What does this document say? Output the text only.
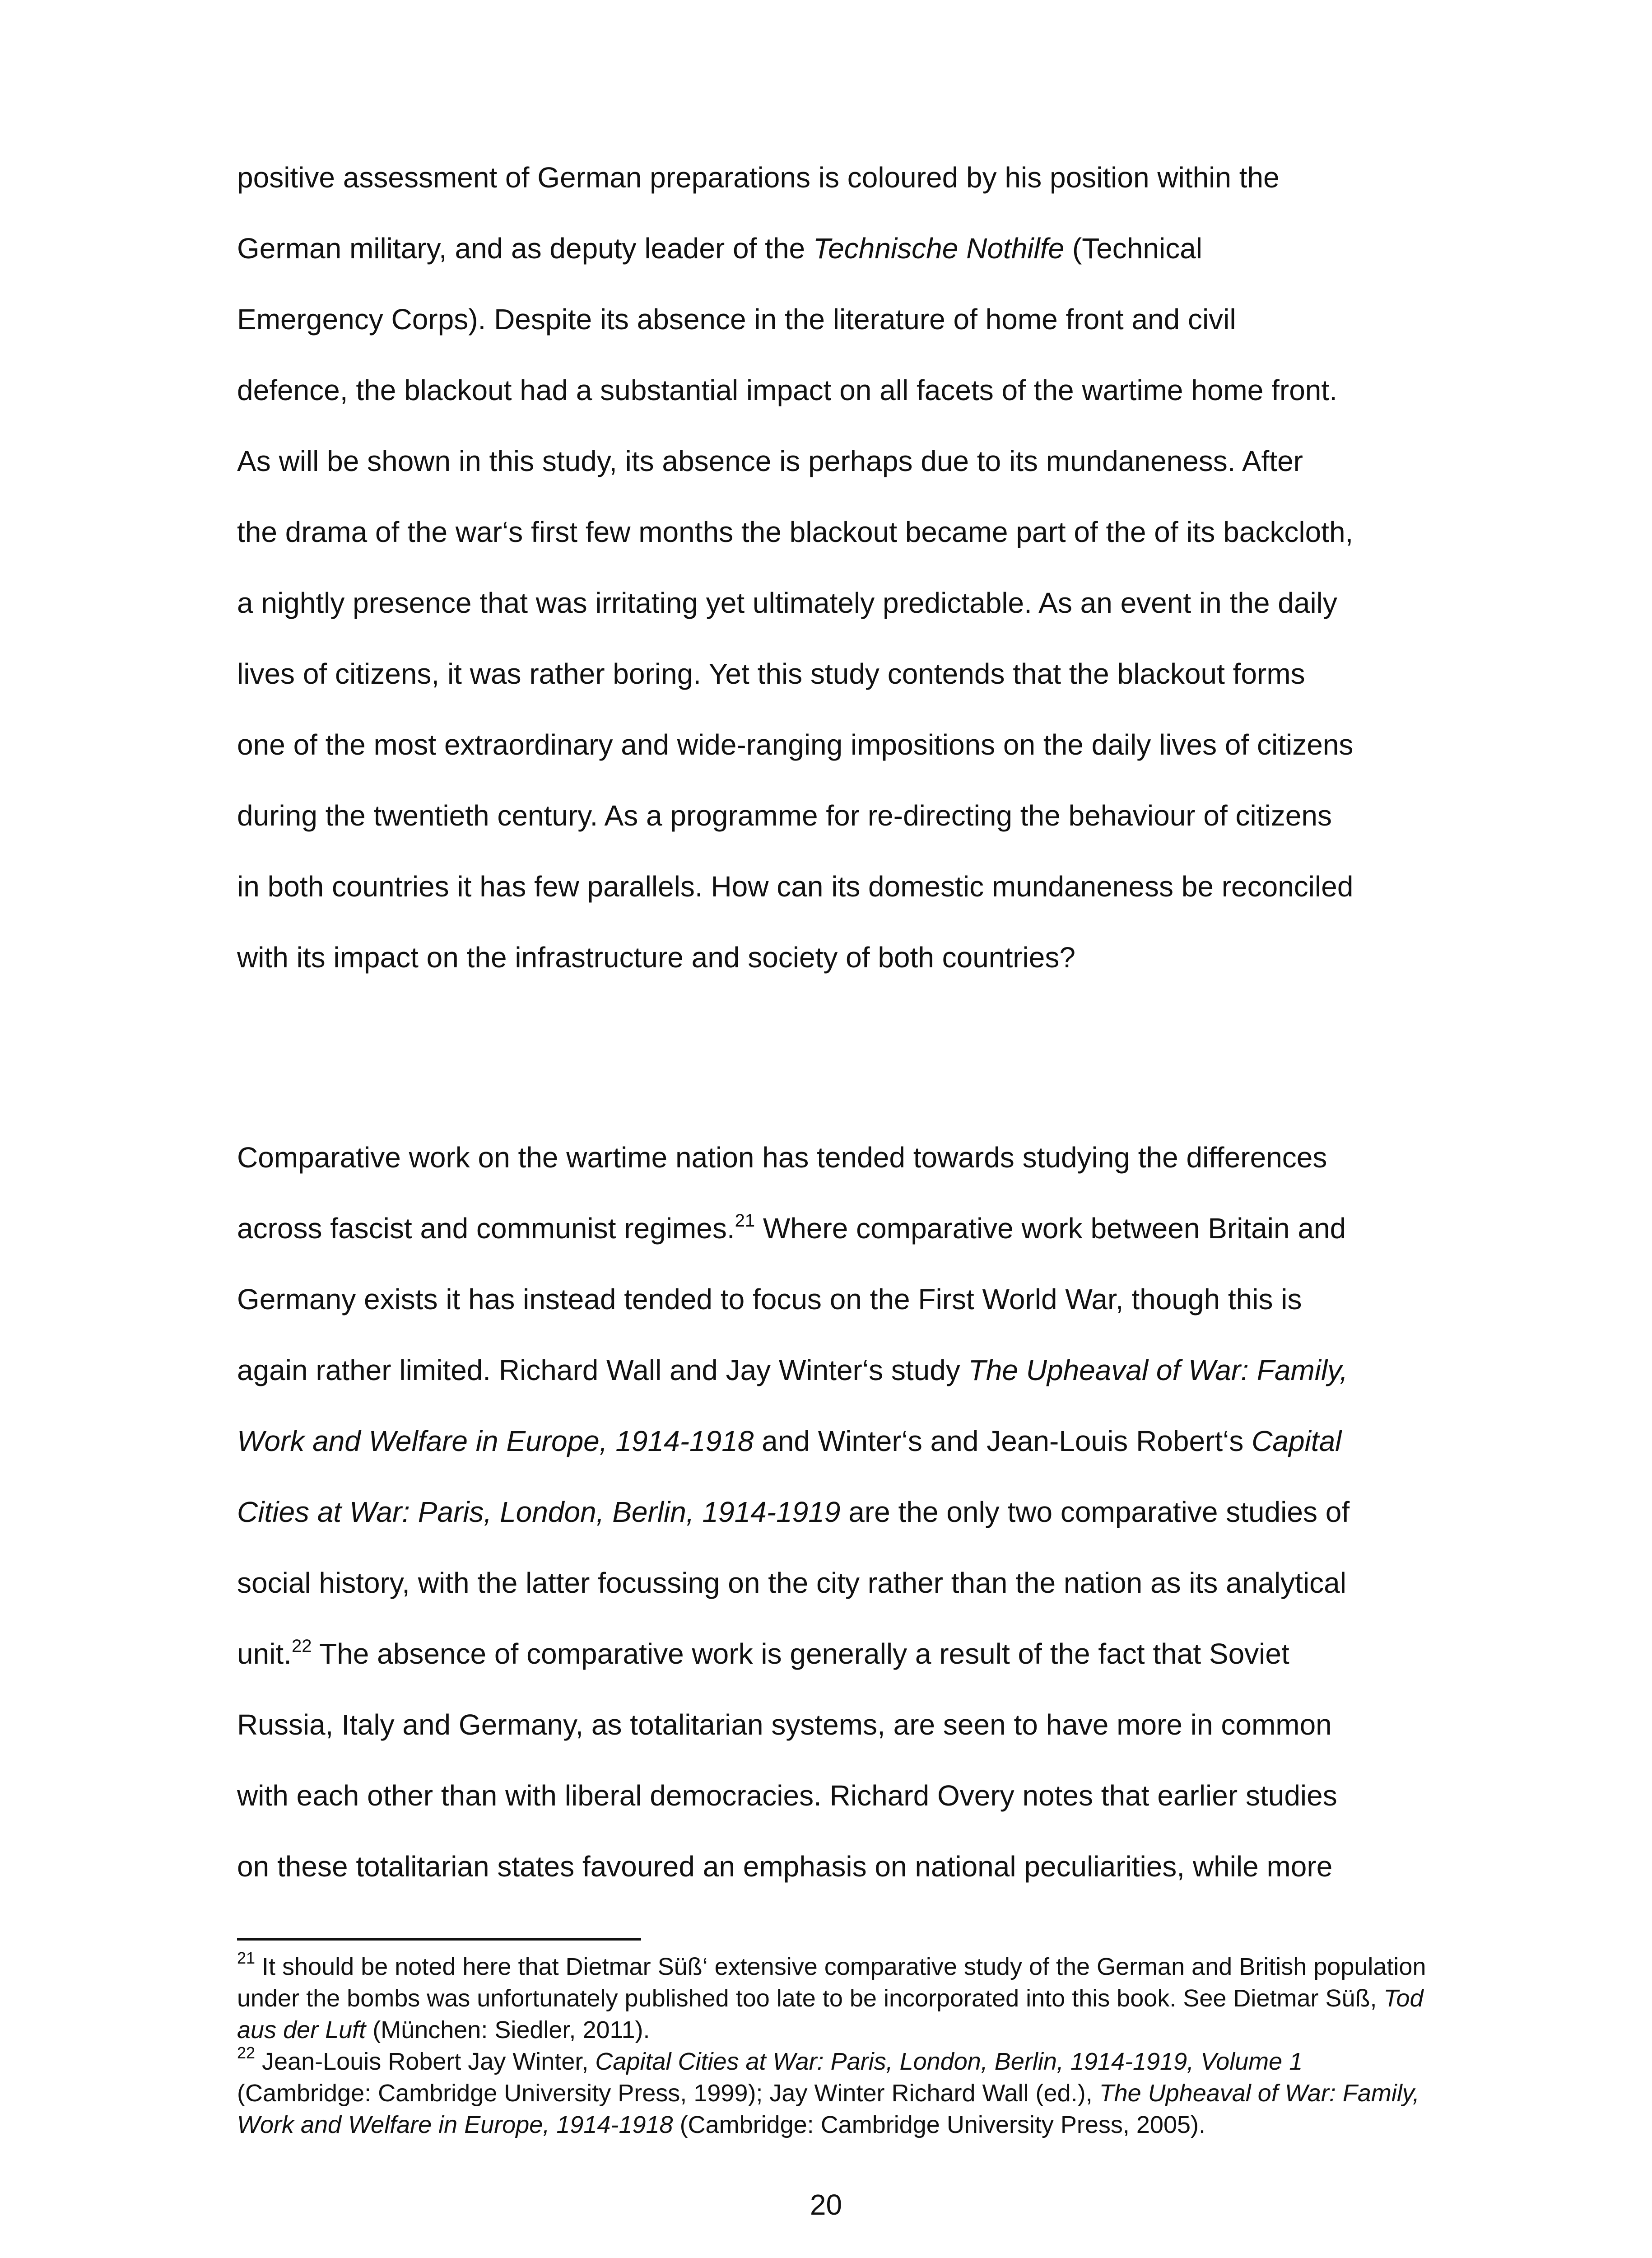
positive assessment of German preparations is coloured by his position within the
German military, and as deputy leader of the Technische Nothilfe (Technical
Emergency Corps). Despite its absence in the literature of home front and civil
defence, the blackout had a substantial impact on all facets of the wartime home front.
As will be shown in this study, its absence is perhaps due to its mundaneness. After
the drama of the war‘s first few months the blackout became part of the of its backcloth,
a nightly presence that was irritating yet ultimately predictable. As an event in the daily
lives of citizens, it was rather boring. Yet this study contends that the blackout forms
one of the most extraordinary and wide-ranging impositions on the daily lives of citizens
during the twentieth century. As a programme for re-directing the behaviour of citizens
in both countries it has few parallels. How can its domestic mundaneness be reconciled
with its impact on the infrastructure and society of both countries?
Comparative work on the wartime nation has tended towards studying the differences
across fascist and communist regimes.$^{21}$ Where comparative work between Britain and
Germany exists it has instead tended to focus on the First World War, though this is
again rather limited. Richard Wall and Jay Winter‘s study The Upheaval of War: Family,
Work and Welfare in Europe, 1914-1918 and Winter‘s and Jean-Louis Robert‘s Capital
Cities at War: Paris, London, Berlin, 1914-1919 are the only two comparative studies of
social history, with the latter focussing on the city rather than the nation as its analytical
unit.$^{22}$ The absence of comparative work is generally a result of the fact that Soviet
Russia, Italy and Germany, as totalitarian systems, are seen to have more in common
with each other than with liberal democracies. Richard Overy notes that earlier studies
on these totalitarian states favoured an emphasis on national peculiarities, while more

$^{21}$ It should be noted here that Dietmar Süß‘ extensive comparative study of the German and British population under the bombs was unfortunately published too late to be incorporated into this book. See Dietmar Süß, Tod aus der Luft (München: Siedler, 2011).

$^{22}$ Jean-Louis Robert Jay Winter, Capital Cities at War: Paris, London, Berlin, 1914-1919, Volume 1 (Cambridge: Cambridge University Press, 1999); Jay Winter Richard Wall (ed.), The Upheaval of War: Family, Work and Welfare in Europe, 1914-1918 (Cambridge: Cambridge University Press, 2005).

20
